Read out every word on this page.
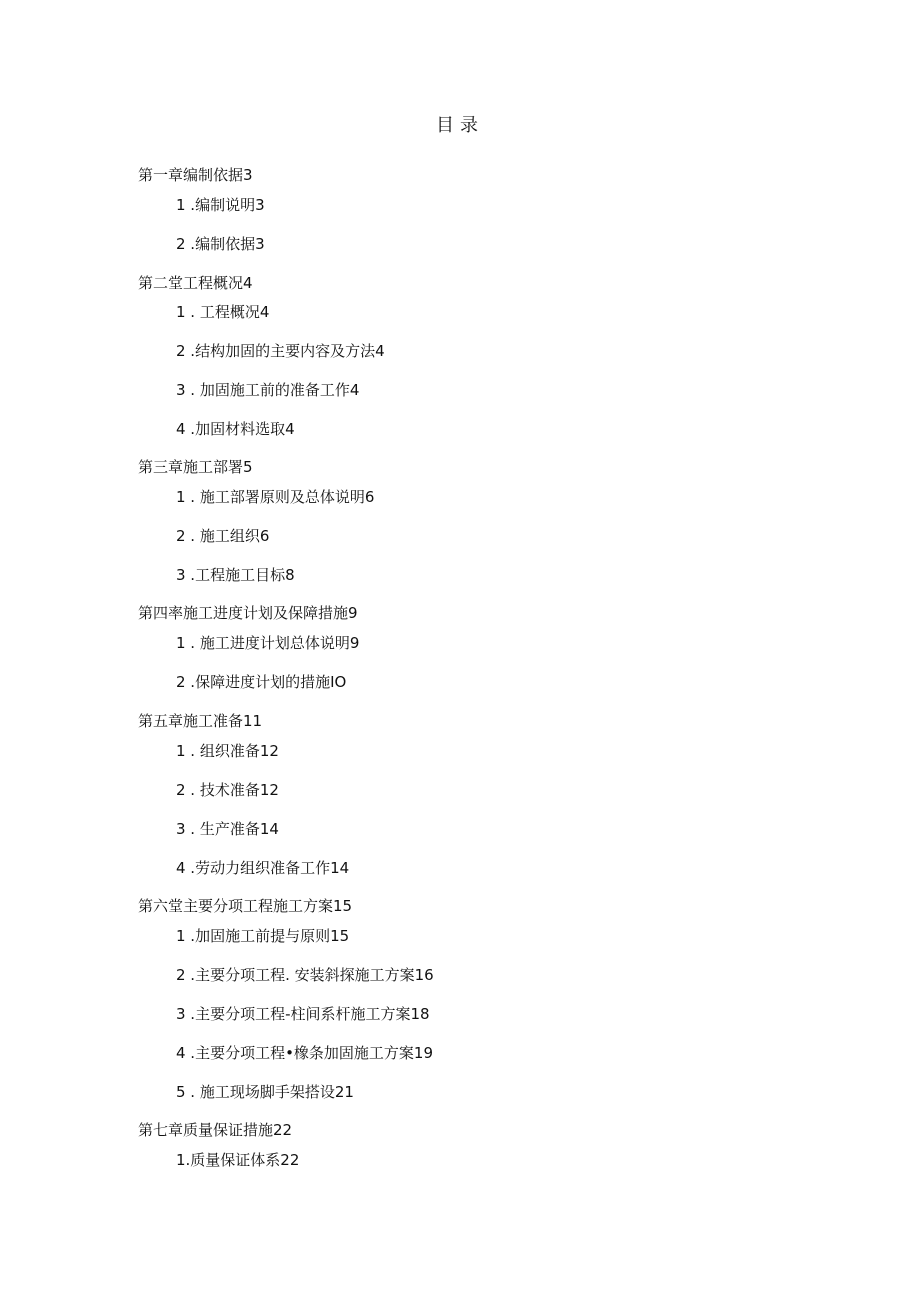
目录
第一章编制依据3
1 .编制说明3
2 .编制依据3
第二堂工程概况4
1 . 工程概况4
2 .结构加固的主要内容及方法4
3 . 加固施工前的准备工作4
4 .加固材料选取4
第三章施工部署5
1 . 施工部署原则及总体说明6
2 . 施工组织6
3 .工程施工目标8
第四率施工进度计划及保障措施9
1 . 施工进度计划总体说明9
2 .保障进度计划的措施IO
第五章施工准备11
1 . 组织准备12
2 . 技术准备12
3 . 生产准备14
4 .劳动力组织准备工作14
第六堂主要分项工程施工方案15
1 .加固施工前提与原则15
2 .主要分项工程. 安装斜探施工方案16
3 .主要分项工程-柱间系杆施工方案18
4 .主要分项工程•橡条加固施工方案19
5 . 施工现场脚手架搭设21
第七章质量保证措施22
1.质量保证体系22
